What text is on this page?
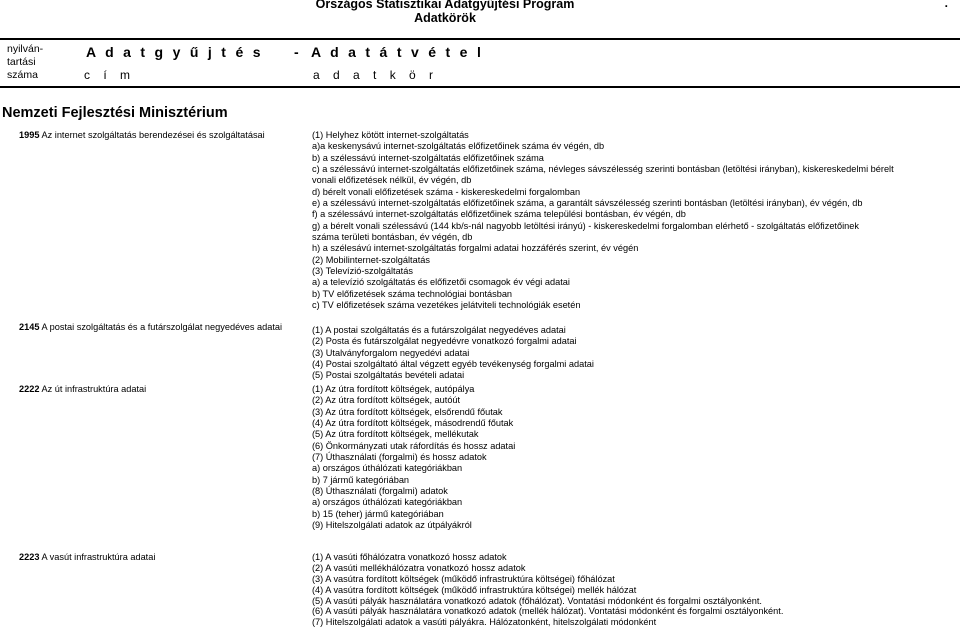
Országos Statisztikai Adatgyűjtési Program
Adatkörök
.
nyilván-
tartási
száma
A d a t g y ű j t é s - A d a t á t v é t e l
c í m	a d a t k ö r
Nemzeti Fejlesztési Minisztérium
1995 Az internet szolgáltatás berendezései és szolgáltatásai	(1) Helyhez kötött internet-szolgáltatás
a)a keskenysávú internet-szolgáltatás előfizetőinek száma év végén, db
b) a szélessávú internet-szolgáltatás előfizetőinek száma
c) a szélessávú internet-szolgáltatás előfizetőinek száma, névleges sávszélesség szerinti bontásban (letöltési irányban), kiskereskedelmi bérelt
vonali előfizetések nélkül, év végén, db
d) bérelt vonali előfizetések száma - kiskereskedelmi forgalomban
e) a szélessávú internet-szolgáltatás előfizetőinek száma, a garantált sávszélesség szerinti bontásban (letöltési irányban), év végén, db
f) a szélessávú internet-szolgáltatás előfizetőinek száma települési bontásban, év végén, db
g) a bérelt vonali szélessávú (144 kb/s-nál nagyobb letöltési irányú) - kiskereskedelmi forgalomban elérhető - szolgáltatás előfizetőinek
száma területi bontásban, év végén, db
h) a szélesávú internet-szolgáltatás forgalmi adatai hozzáférés szerint, év végén
(2) Mobilinternet-szolgáltatás
(3) Televízió-szolgáltatás
a) a televízió szolgáltatás és előfizetői csomagok év végi adatai
b) TV előfizetések száma technológiai bontásban
c) TV előfizetések száma vezetékes jelátviteli technológiák esetén
2145 A postai szolgáltatás és a futárszolgálat negyedéves adatai	(1) A postai szolgáltatás és a futárszolgálat negyedéves adatai
(2) Posta és futárszolgálat negyedévre vonatkozó forgalmi adatai
(3) Utalványforgalom negyedévi adatai
(4) Postai szolgáltató által végzett egyéb tevékenység forgalmi adatai
(5) Postai szolgáltatás bevételi adatai
2222 Az út infrastruktúra adatai	(1) Az útra fordított költségek, autópálya
(2) Az útra fordított költségek, autóút
(3) Az útra fordított költségek, elsőrendű főutak
(4) Az útra fordított költségek, másodrendű főutak
(5) Az útra fordított költségek, mellékutak
(6) Önkormányzati utak ráfordítás és hossz adatai
(7) Úthasználati (forgalmi) és hossz adatok
a) országos úthálózati kategóriákban
b) 7 jármű kategóriában
(8) Úthasználati (forgalmi) adatok
a) országos úthálózati kategóriákban
b) 15 (teher) jármű kategóriában
(9) Hitelszolgálati adatok az útpályákról
2223 A vasút infrastruktúra adatai	(1) A vasúti főhálózatra vonatkozó hossz adatok
(2) A vasúti mellékhálózatra vonatkozó hossz adatok
(3) A vasútra fordított költségek (működő infrastruktúra költségei) főhálózat
(4) A vasútra fordított költségek (működő infrastruktúra költségei) mellék hálózat
(5) A vasúti pályák használatára vonatkozó adatok (főhálózat). Vontatási módonként és forgalmi osztályonként.
(6) A vasúti pályák használatára vonatkozó adatok (mellék hálózat). Vontatási módonként és forgalmi osztályonként.
(7) Hitelszolgálati adatok a vasúti pályákra. Hálózatonként, hitelszolgálati módonként
